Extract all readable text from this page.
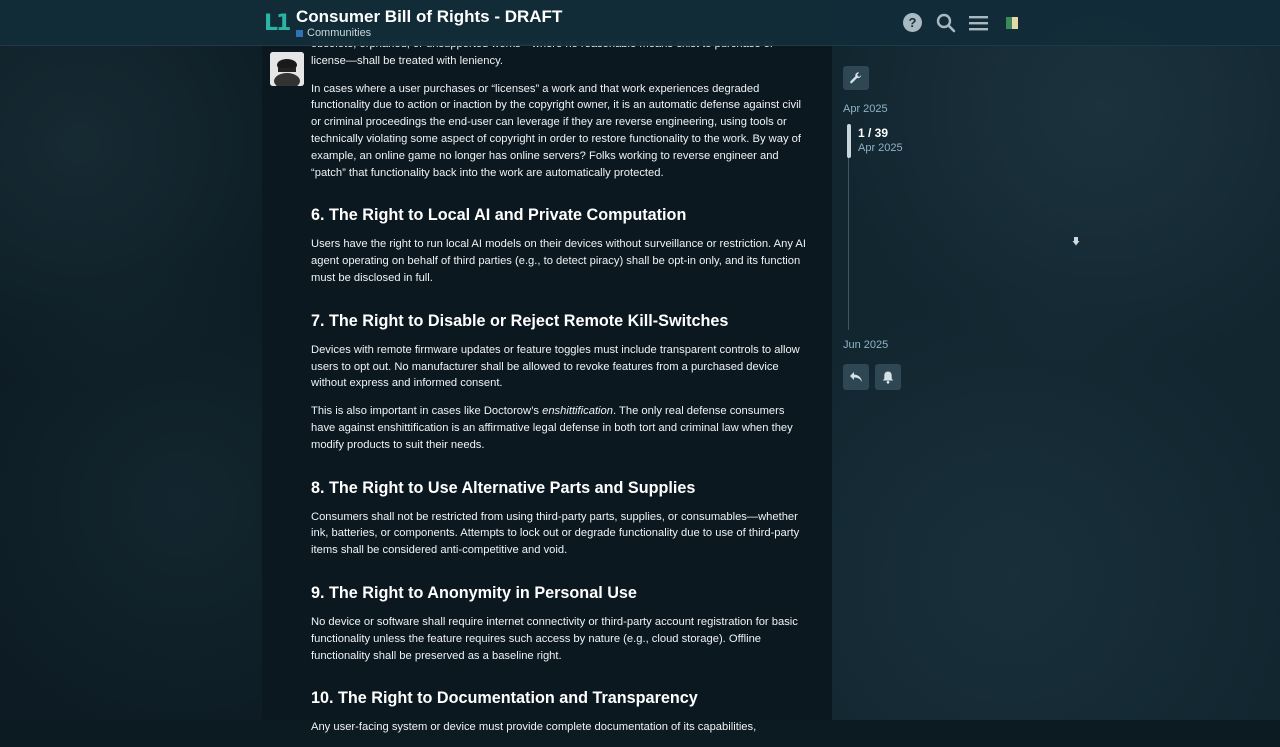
L1 Consumer Bill of Rights - DRAFT
Communities
?

license—shall be treated with leniency.

In cases where a user purchases or “licenses” a work and that work experiences degraded functionality due to action or inaction by the copyright owner, it is an automatic defense against civil or criminal proceedings the end-user can leverage if they are reverse engineering, using tools or technically violating some aspect of copyright in order to restore functionality to the work. By way of example, an online game no longer has online servers? Folks working to reverse engineer and “patch” that functionality back into the work are automatically protected.

6. The Right to Local AI and Private Computation

Users have the right to run local AI models on their devices without surveillance or restriction. Any AI agent operating on behalf of third parties (e.g., to detect piracy) shall be opt-in only, and its function must be disclosed in full.

7. The Right to Disable or Reject Remote Kill-Switches

Devices with remote firmware updates or feature toggles must include transparent controls to allow users to opt out. No manufacturer shall be allowed to revoke features from a purchased device without express and informed consent.

This is also important in cases like Doctorow’s enshittification. The only real defense consumers have against enshittification is an affirmative legal defense in both tort and criminal law when they modify products to suit their needs.

8. The Right to Use Alternative Parts and Supplies

Consumers shall not be restricted from using third-party parts, supplies, or consumables—whether ink, batteries, or components. Attempts to lock out or degrade functionality due to use of third-party items shall be considered anti-competitive and void.

9. The Right to Anonymity in Personal Use

No device or software shall require internet connectivity or third-party account registration for basic functionality unless the feature requires such access by nature (e.g., cloud storage). Offline functionality shall be preserved as a baseline right.

10. The Right to Documentation and Transparency

Any user-facing system or device must provide complete documentation of its capabilities,

Apr 2025
1 / 39
Apr 2025
Jun 2025
